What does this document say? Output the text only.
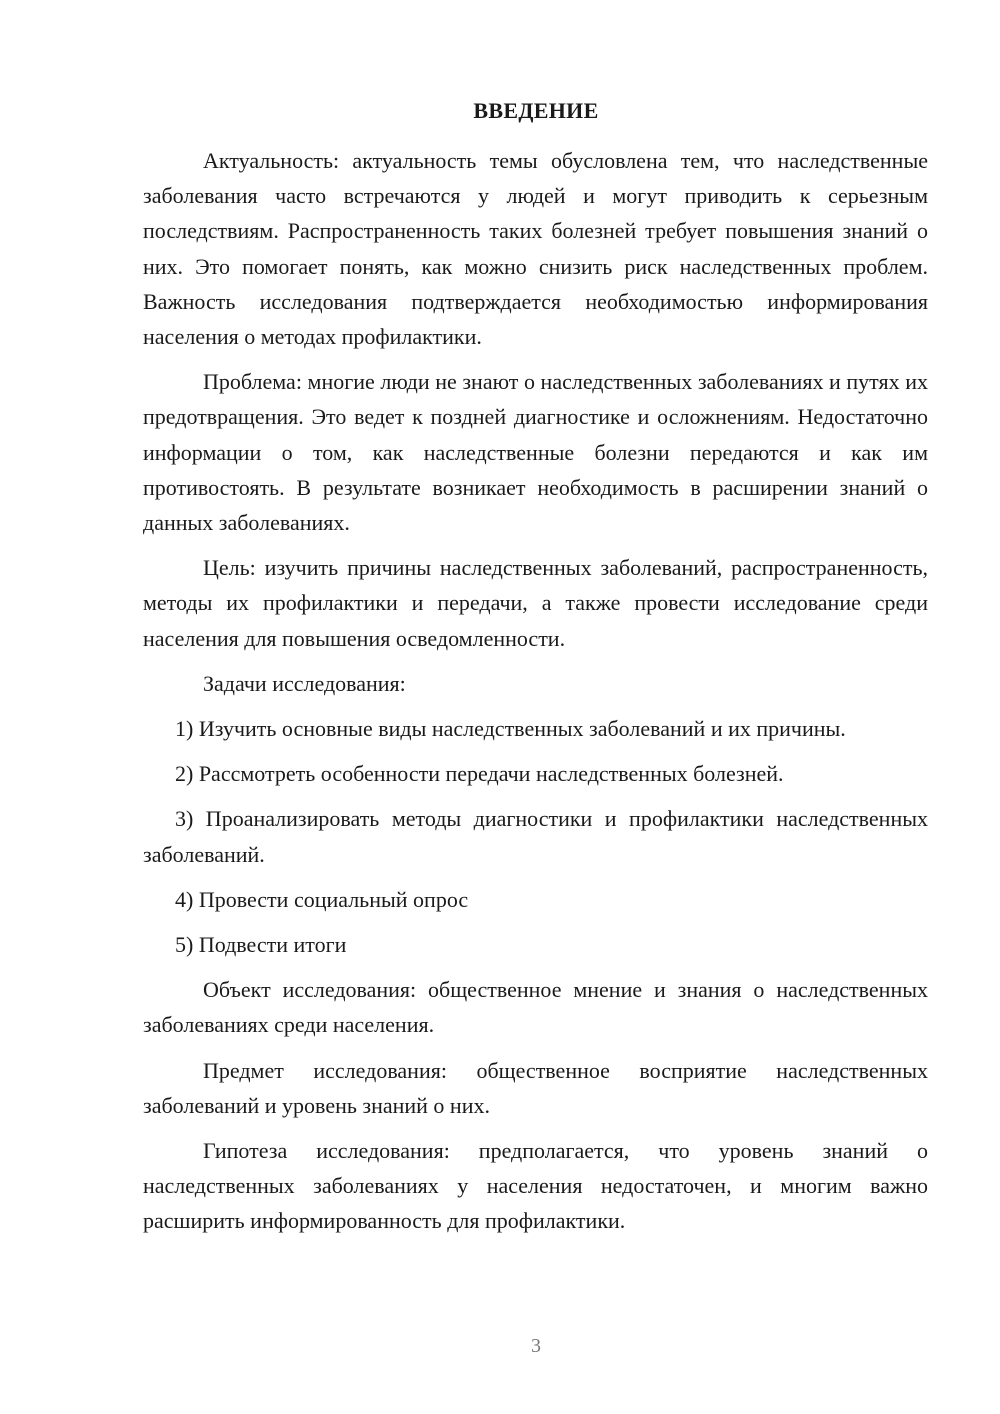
ВВЕДЕНИЕ

Актуальность: актуальность темы обусловлена тем, что наследственные заболевания часто встречаются у людей и могут приводить к серьезным последствиям. Распространенность таких болезней требует повышения знаний о них. Это помогает понять, как можно снизить риск наследственных проблем. Важность исследования подтверждается необходимостью информирования населения о методах профилактики.

Проблема: многие люди не знают о наследственных заболеваниях и путях их предотвращения. Это ведет к поздней диагностике и осложнениям. Недостаточно информации о том, как наследственные болезни передаются и как им противостоять. В результате возникает необходимость в расширении знаний о данных заболеваниях.

Цель: изучить причины наследственных заболеваний, распространенность, методы их профилактики и передачи, а также провести исследование среди населения для повышения осведомленности.

Задачи исследования:

1) Изучить основные виды наследственных заболеваний и их причины.

2) Рассмотреть особенности передачи наследственных болезней.

3) Проанализировать методы диагностики и профилактики наследственных заболеваний.

4) Провести социальный опрос

5) Подвести итоги

Объект исследования: общественное мнение и знания о наследственных заболеваниях среди населения.

Предмет исследования: общественное восприятие наследственных заболеваний и уровень знаний о них.

Гипотеза исследования: предполагается, что уровень знаний о наследственных заболеваниях у населения недостаточен, и многим важно расширить информированность для профилактики.

3
